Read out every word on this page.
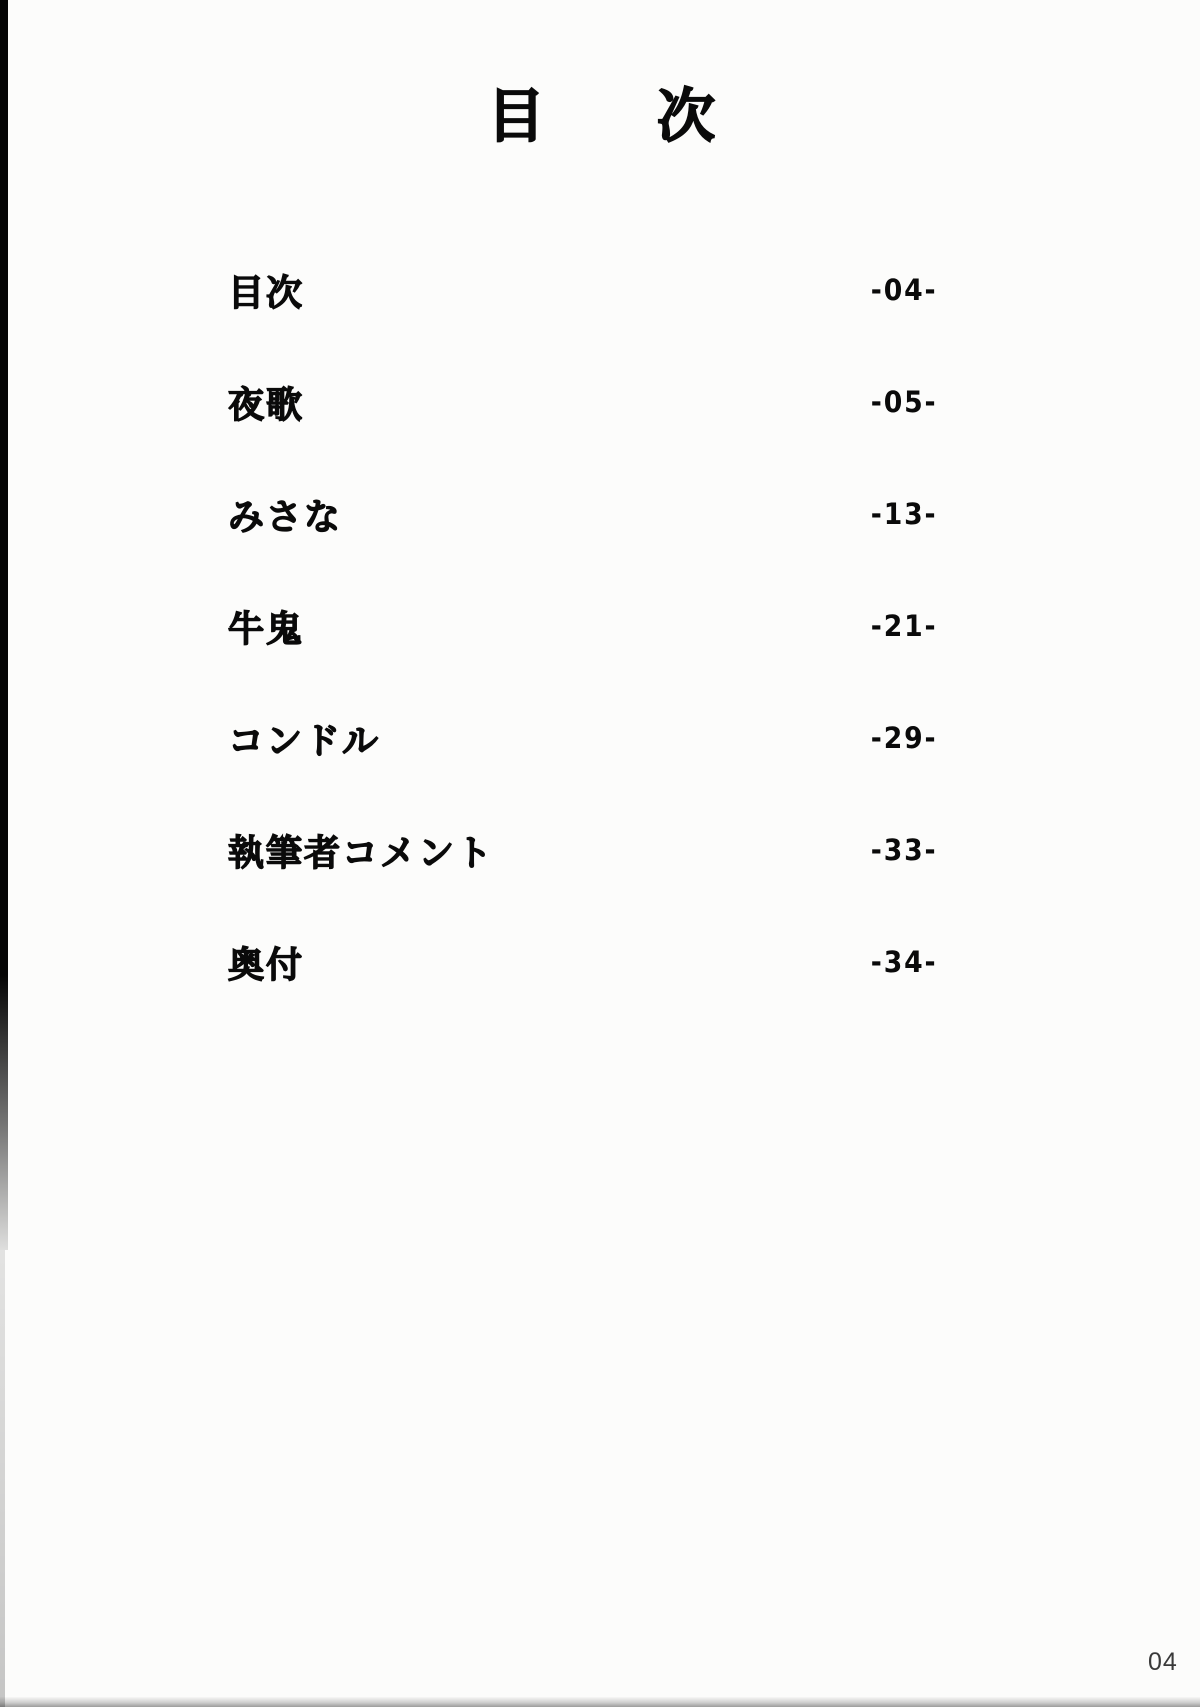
目次
目次	-04-
夜歌	-05-
みさな	-13-
牛鬼	-21-
コンドル	-29-
執筆者コメント	-33-
奥付	-34-
04
